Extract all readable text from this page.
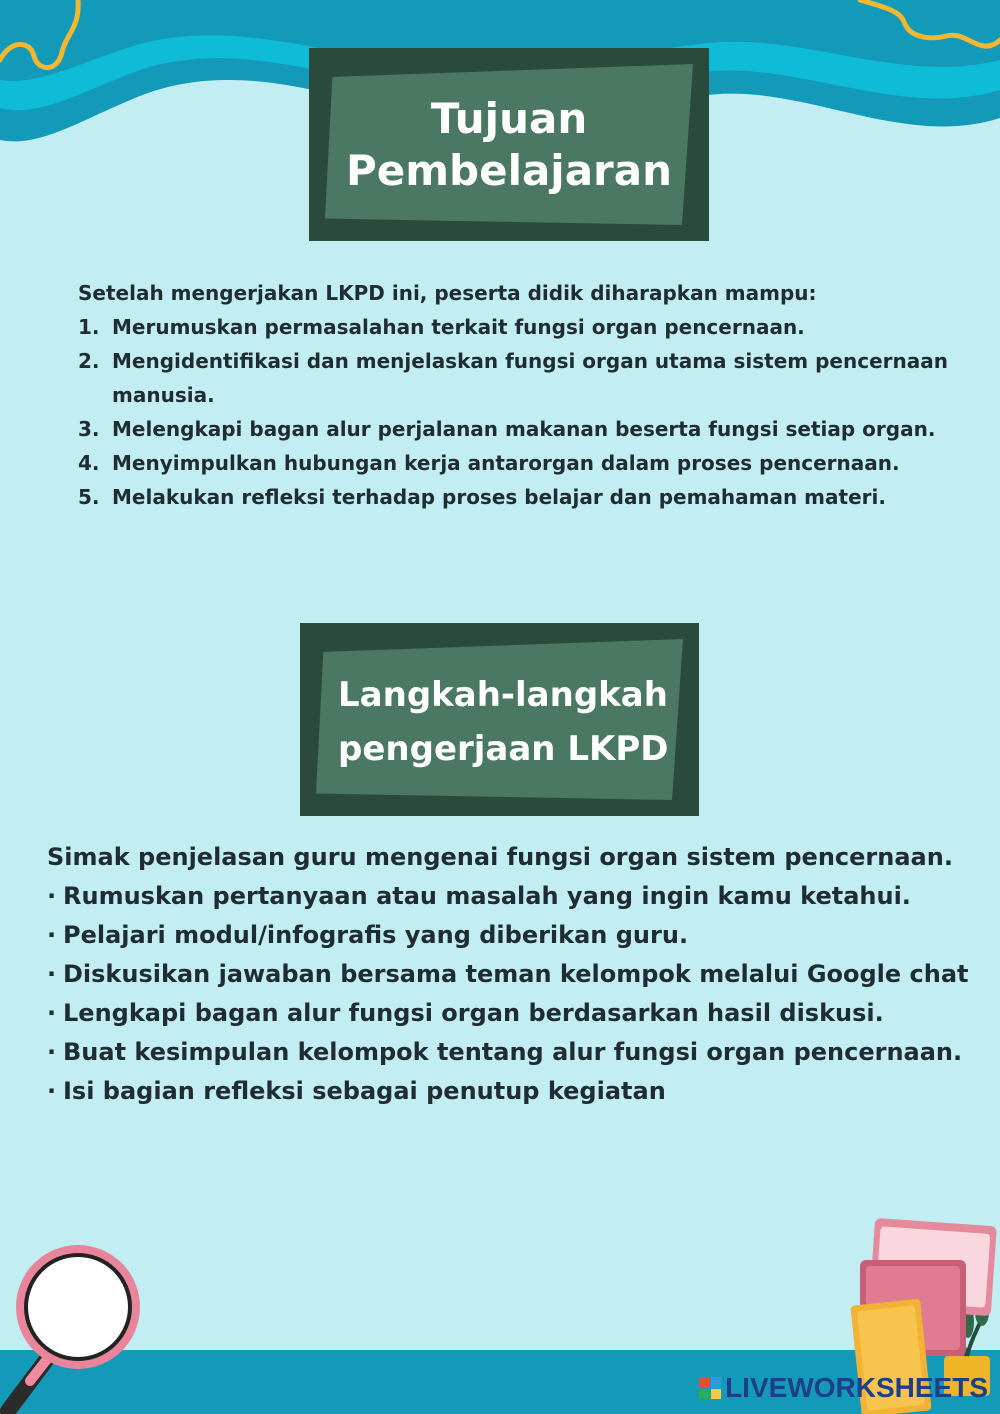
Tujuan
Pembelajaran

Setelah mengerjakan LKPD ini, peserta didik diharapkan mampu:

1. Merumuskan permasalahan terkait fungsi organ pencernaan.
2. Mengidentifikasi dan menjelaskan fungsi organ utama sistem pencernaan manusia.
3. Melengkapi bagan alur perjalanan makanan beserta fungsi setiap organ.
4. Menyimpulkan hubungan kerja antarorgan dalam proses pencernaan.
5. Melakukan refleksi terhadap proses belajar dan pemahaman materi.
Langkah-langkah
pengerjaan LKPD

Simak penjelasan guru mengenai fungsi organ sistem pencernaan.

· Rumuskan pertanyaan atau masalah yang ingin kamu ketahui.
· Pelajari modul/infografis yang diberikan guru.
· Diskusikan jawaban bersama teman kelompok melalui Google chat
· Lengkapi bagan alur fungsi organ berdasarkan hasil diskusi.
· Buat kesimpulan kelompok tentang alur fungsi organ pencernaan.
· Isi bagian refleksi sebagai penutup kegiatan
LIVEWORKSHEETS
